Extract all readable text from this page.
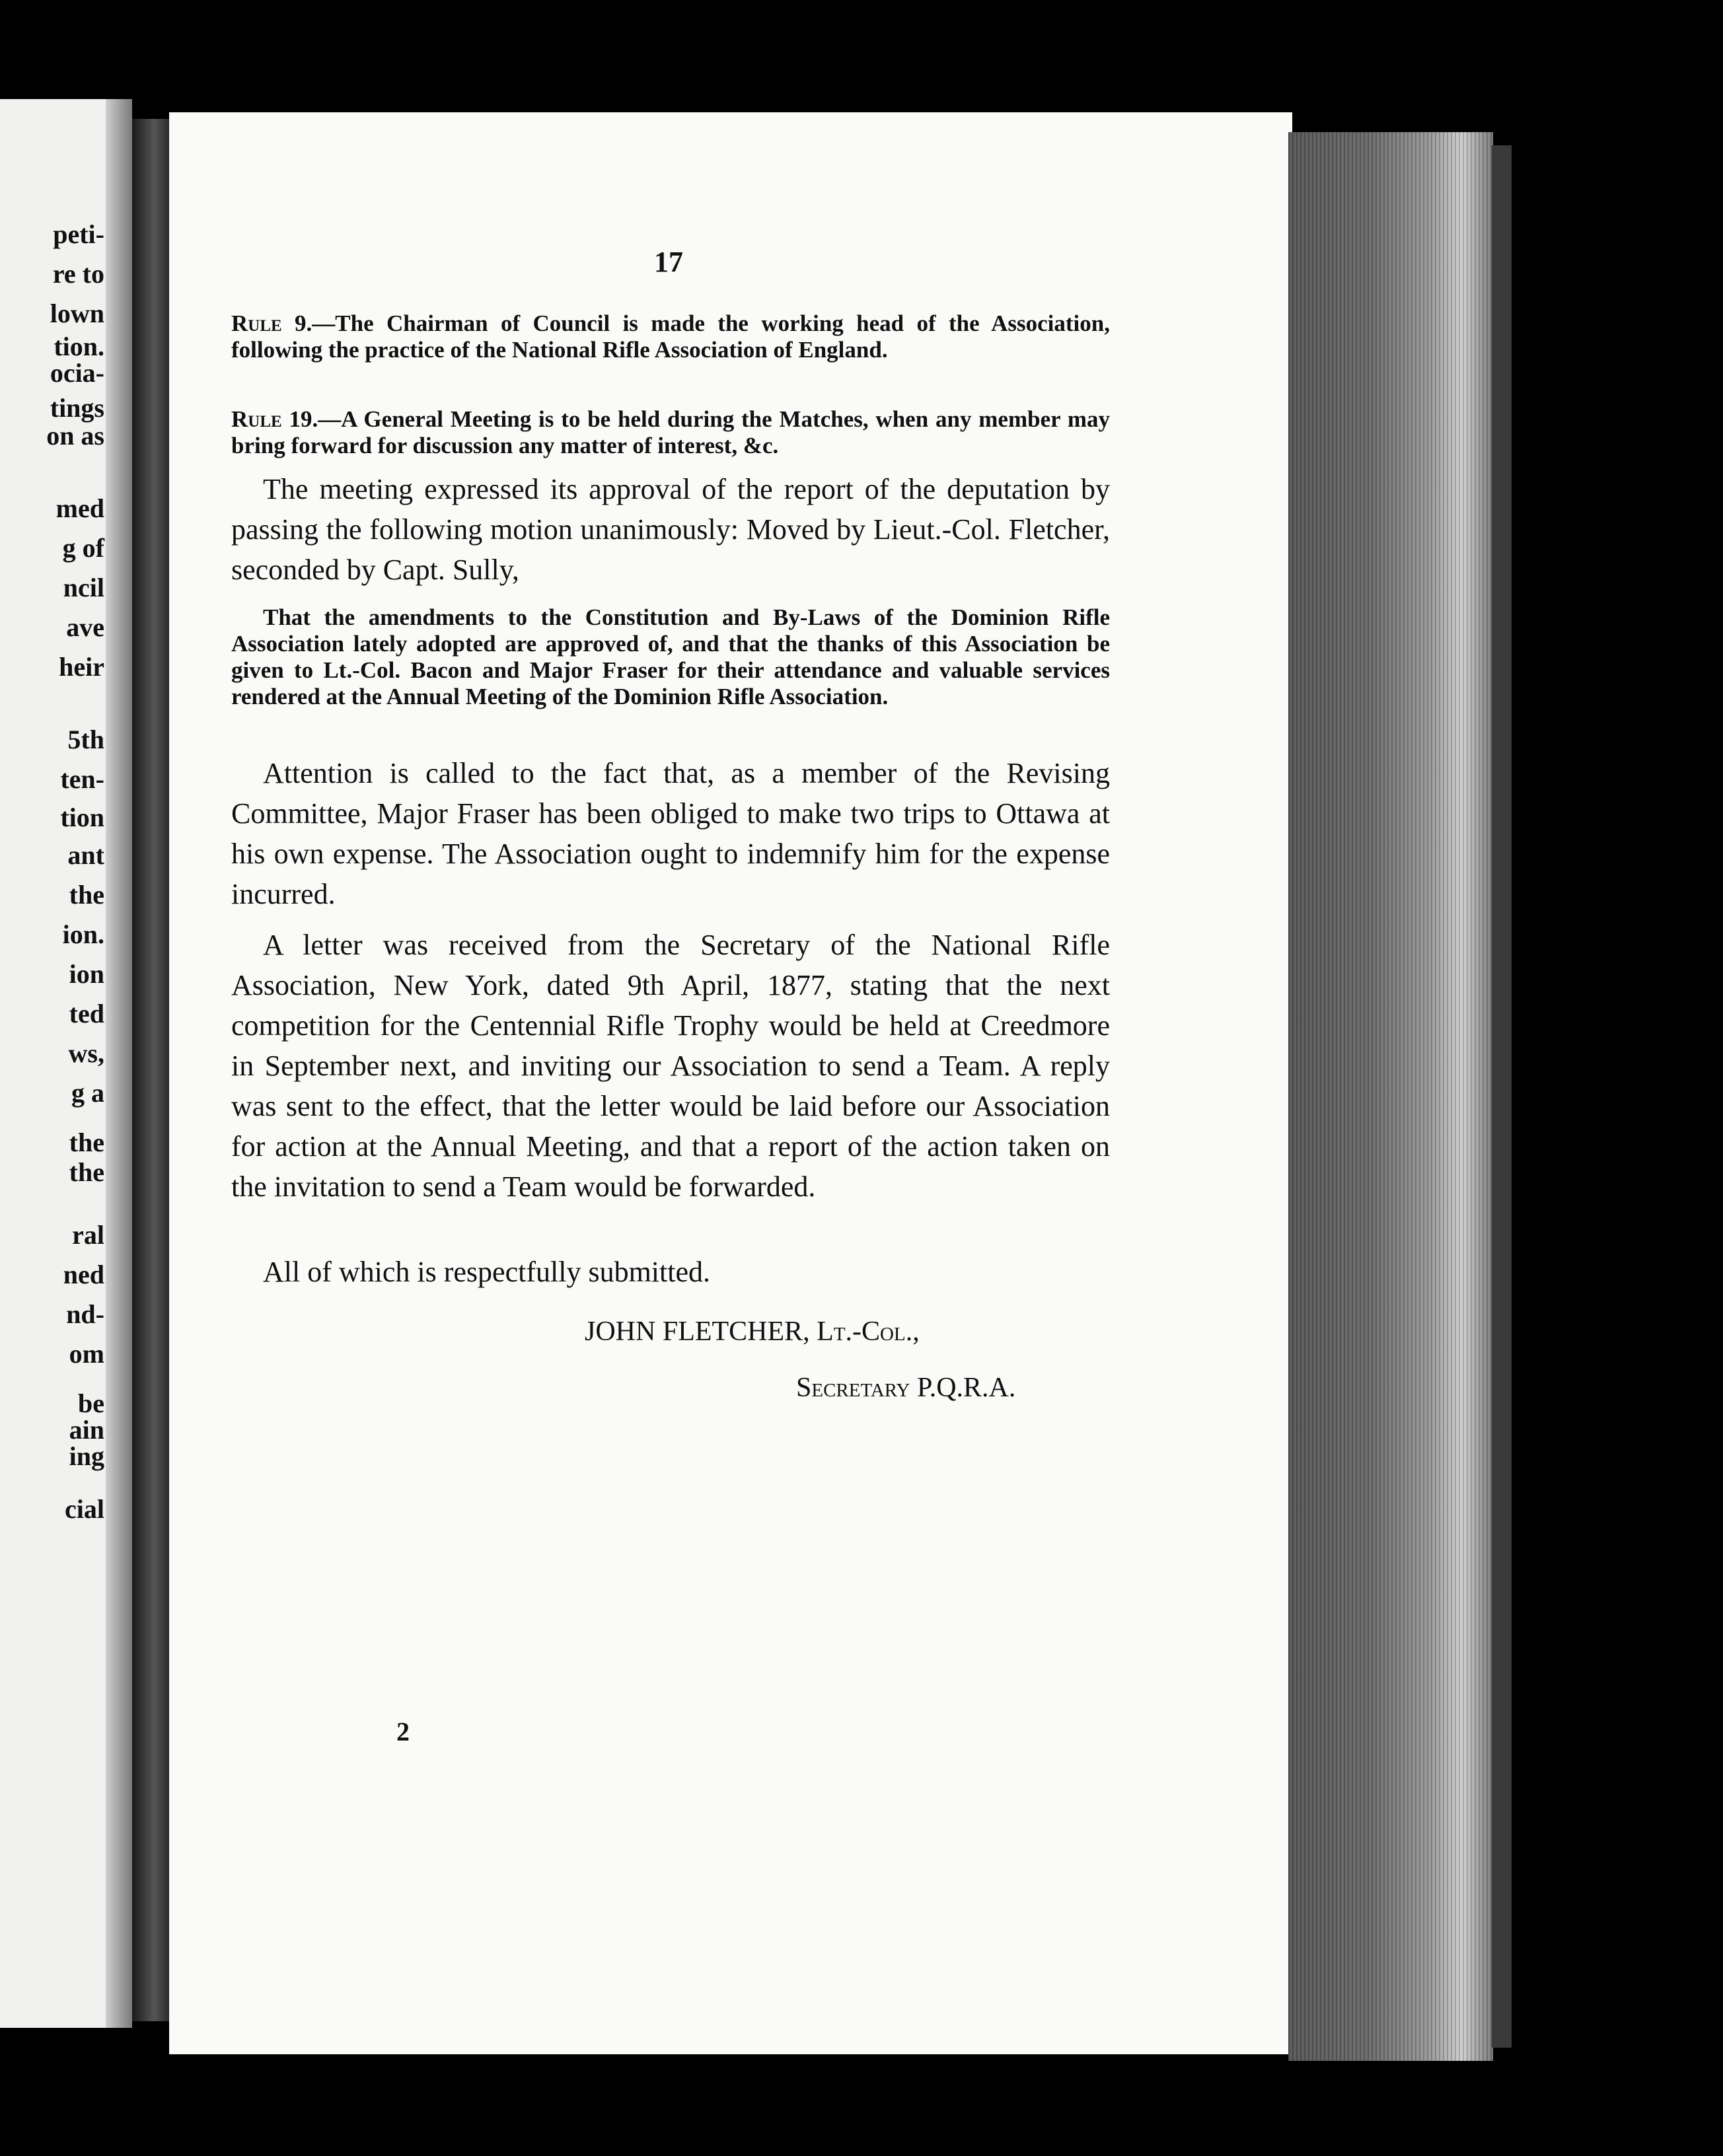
peti-
re to
lown
tion.
ocia-
tings
on as
med
g of
ncil
ave
heir
5th
ten-
tion
ant
the
ion.
ion
ted
ws,
g a
the
the
ral
ned
nd-
om
be
ain
ing
cial
17
Rule 9.—The Chairman of Council is made the working head of the Association, following the practice of the National Rifle Association of England.
Rule 19.—A General Meeting is to be held during the Matches, when any member may bring forward for discussion any matter of interest, &c.
The meeting expressed its approval of the report of the deputation by passing the following motion unanimously: Moved by Lieut.-Col. Fletcher, seconded by Capt. Sully,
That the amendments to the Constitution and By-Laws of the Dominion Rifle Association lately adopted are approved of, and that the thanks of this Association be given to Lt.-Col. Bacon and Major Fraser for their attendance and valuable services rendered at the Annual Meeting of the Dominion Rifle Association.
Attention is called to the fact that, as a member of the Revising Committee, Major Fraser has been obliged to make two trips to Ottawa at his own expense. The Association ought to indemnify him for the expense incurred.
A letter was received from the Secretary of the National Rifle Association, New York, dated 9th April, 1877, stating that the next competition for the Centennial Rifle Trophy would be held at Creedmore in September next, and inviting our Association to send a Team. A reply was sent to the effect, that the letter would be laid before our Association for action at the Annual Meeting, and that a report of the action taken on the invitation to send a Team would be forwarded.
All of which is respectfully submitted.
JOHN FLETCHER, Lt.-Col.,
Secretary P.Q.R.A.
2
